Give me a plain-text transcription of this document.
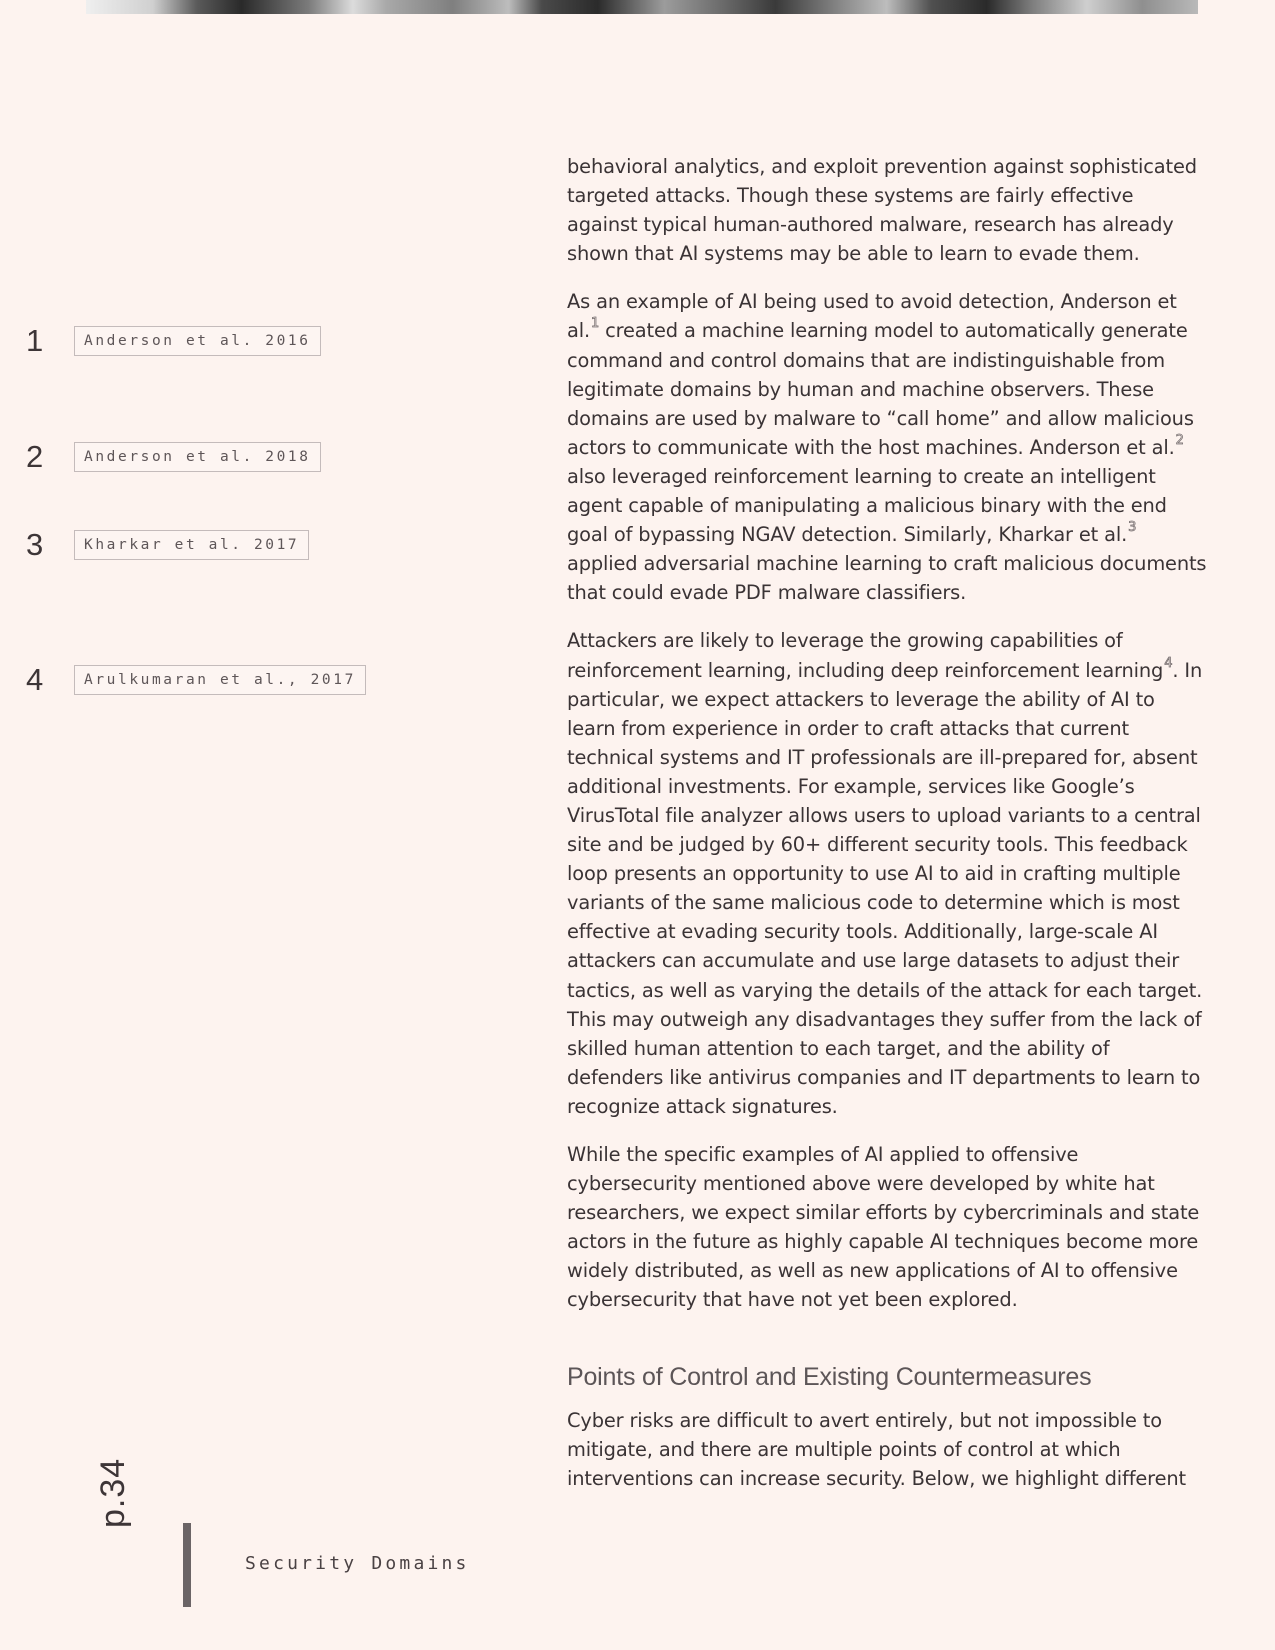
1	Anderson et al. 2016
2	Anderson et al. 2018
3	Kharkar et al. 2017
4	Arulkumaran et al., 2017

behavioral analytics, and exploit prevention against sophisticated targeted attacks. Though these systems are fairly effective against typical human-authored malware, research has already shown that AI systems may be able to learn to evade them.

As an example of AI being used to avoid detection, Anderson et al.$^1$ created a machine learning model to automatically generate command and control domains that are indistinguishable from legitimate domains by human and machine observers. These domains are used by malware to “call home” and allow malicious actors to communicate with the host machines. Anderson et al.$^2$ also leveraged reinforcement learning to create an intelligent agent capable of manipulating a malicious binary with the end goal of bypassing NGAV detection. Similarly, Kharkar et al.$^3$ applied adversarial machine learning to craft malicious documents that could evade PDF malware classifiers.

Attackers are likely to leverage the growing capabilities of reinforcement learning, including deep reinforcement learning$^4$. In particular, we expect attackers to leverage the ability of AI to learn from experience in order to craft attacks that current technical systems and IT professionals are ill-prepared for, absent additional investments. For example, services like Google’s VirusTotal file analyzer allows users to upload variants to a central site and be judged by 60+ different security tools. This feedback loop presents an opportunity to use AI to aid in crafting multiple variants of the same malicious code to determine which is most effective at evading security tools. Additionally, large-scale AI attackers can accumulate and use large datasets to adjust their tactics, as well as varying the details of the attack for each target. This may outweigh any disadvantages they suffer from the lack of skilled human attention to each target, and the ability of defenders like antivirus companies and IT departments to learn to recognize attack signatures.

While the specific examples of AI applied to offensive cybersecurity mentioned above were developed by white hat researchers, we expect similar efforts by cybercriminals and state actors in the future as highly capable AI techniques become more widely distributed, as well as new applications of AI to offensive cybersecurity that have not yet been explored.

Points of Control and Existing Countermeasures

Cyber risks are difficult to avert entirely, but not impossible to mitigate, and there are multiple points of control at which interventions can increase security. Below, we highlight different

p.34
Security Domains
